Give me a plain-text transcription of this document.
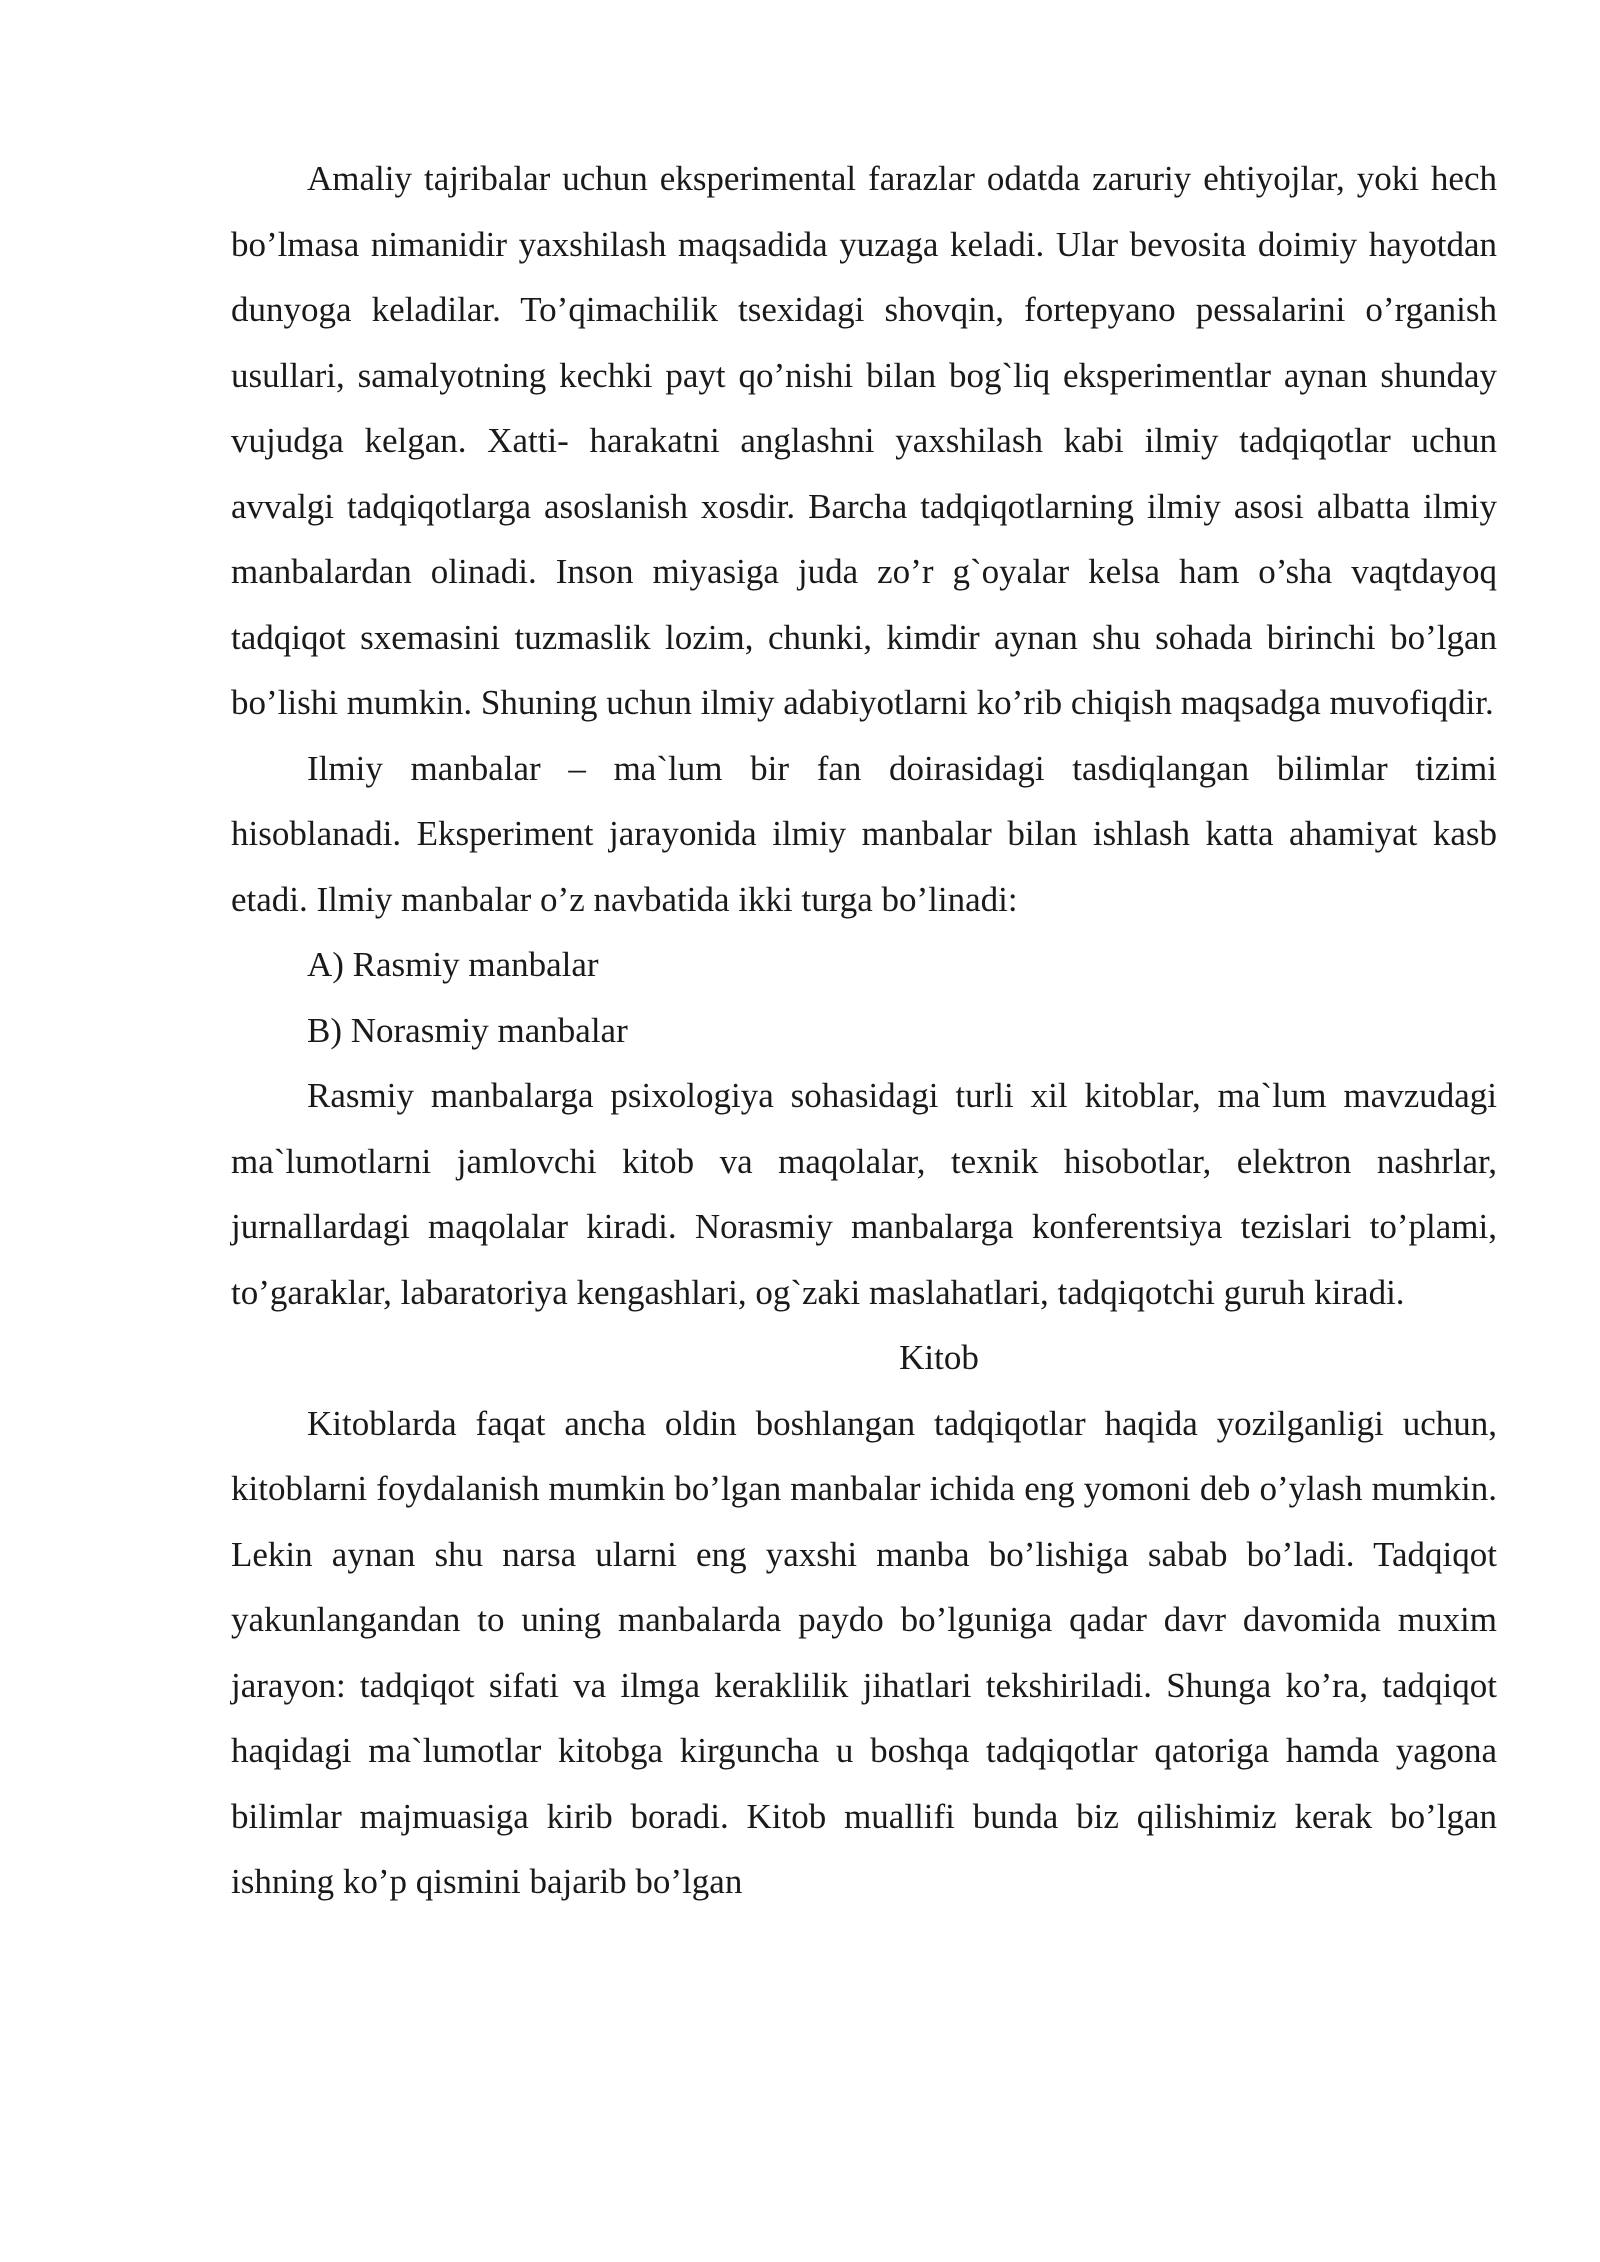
Amaliy tajribalar uchun eksperimental farazlar odatda zaruriy ehtiyojlar, yoki hech bo’lmasa nimanidir yaxshilash maqsadida yuzaga keladi. Ular bevosita doimiy hayotdan dunyoga keladilar. To’qimachilik tsexidagi shovqin, fortepyano pessalarini o’rganish usullari, samalyotning kechki payt qo’nishi bilan bog`liq eksperimentlar aynan shunday vujudga kelgan. Xatti- harakatni anglashni yaxshilash kabi ilmiy tadqiqotlar uchun avvalgi tadqiqotlarga asoslanish xosdir. Barcha tadqiqotlarning ilmiy asosi albatta ilmiy manbalardan olinadi. Inson miyasiga juda zo’r g`oyalar kelsa ham o’sha vaqtdayoq tadqiqot sxemasini tuzmaslik lozim, chunki, kimdir aynan shu sohada birinchi bo’lgan bo’lishi mumkin. Shuning uchun ilmiy adabiyotlarni ko’rib chiqish maqsadga muvofiqdir.

Ilmiy manbalar – ma`lum bir fan doirasidagi tasdiqlangan bilimlar tizimi hisoblanadi. Eksperiment jarayonida ilmiy manbalar bilan ishlash katta ahamiyat kasb etadi. Ilmiy manbalar o’z navbatida ikki turga bo’linadi:

A) Rasmiy manbalar

B) Norasmiy manbalar

Rasmiy manbalarga psixologiya sohasidagi turli xil kitoblar, ma`lum mavzudagi ma`lumotlarni jamlovchi kitob va maqolalar, texnik hisobotlar, elektron nashrlar, jurnallardagi maqolalar kiradi. Norasmiy manbalarga konferentsiya tezislari to’plami, to’garaklar, labaratoriya kengashlari, og`zaki maslahatlari, tadqiqotchi guruh kiradi.

Kitob

Kitoblarda faqat ancha oldin boshlangan tadqiqotlar haqida yozilganligi uchun, kitoblarni foydalanish mumkin bo’lgan manbalar ichida eng yomoni deb o’ylash mumkin. Lekin aynan shu narsa ularni eng yaxshi manba bo’lishiga sabab bo’ladi. Tadqiqot yakunlangandan to uning manbalarda paydo bo’lguniga qadar davr davomida muxim jarayon: tadqiqot sifati va ilmga keraklilik jihatlari tekshiriladi. Shunga ko’ra, tadqiqot haqidagi ma`lumotlar kitobga kirguncha u boshqa tadqiqotlar qatoriga hamda yagona bilimlar majmuasiga kirib boradi. Kitob muallifi bunda biz qilishimiz kerak bo’lgan ishning ko’p qismini bajarib bo’lgan
